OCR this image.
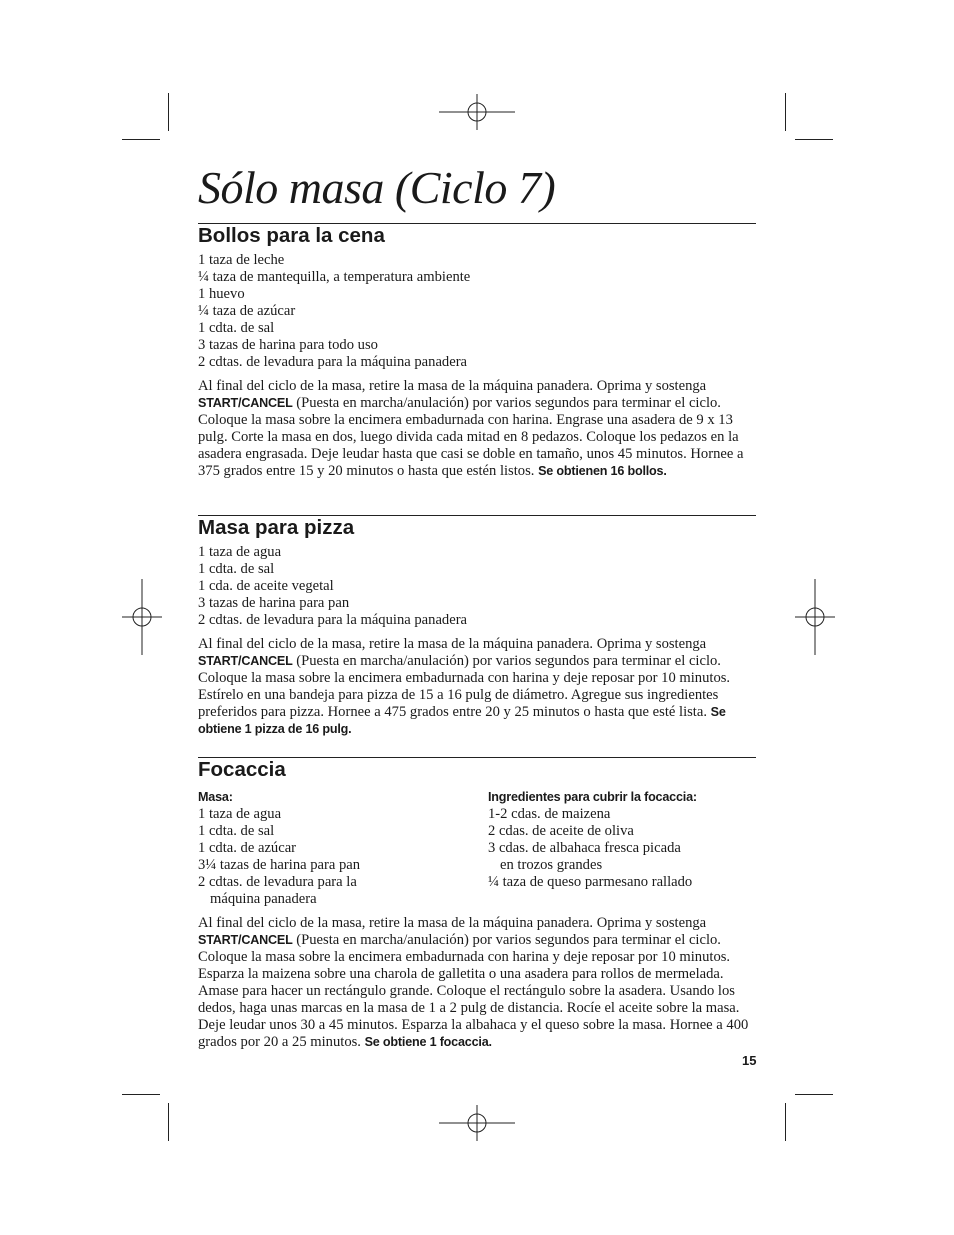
Sólo masa (Ciclo 7)
Bollos para la cena
1 taza de leche
¼ taza de mantequilla, a temperatura ambiente
1 huevo
¼ taza de azúcar
1 cdta. de sal
3 tazas de harina para todo uso
2 cdtas. de levadura para la máquina panadera

Al final del ciclo de la masa, retire la masa de la máquina panadera. Oprima y sostenga START/CANCEL (Puesta en marcha/anulación) por varios segundos para terminar el ciclo. Coloque la masa sobre la encimera embadurnada con harina. Engrase una asadera de 9 x 13 pulg. Corte la masa en dos, luego divida cada mitad en 8 pedazos. Coloque los pedazos en la asadera engrasada. Deje leudar hasta que casi se doble en tamaño, unos 45 minutos. Hornee a 375 grados entre 15 y 20 minutos o hasta que estén listos. Se obtienen 16 bollos.

Masa para pizza
1 taza de agua
1 cdta. de sal
1 cda. de aceite vegetal
3 tazas de harina para pan
2 cdtas. de levadura para la máquina panadera

Al final del ciclo de la masa, retire la masa de la máquina panadera. Oprima y sostenga START/CANCEL (Puesta en marcha/anulación) por varios segundos para terminar el ciclo. Coloque la masa sobre la encimera embadurnada con harina y deje reposar por 10 minutos. Estírelo en una bandeja para pizza de 15 a 16 pulg de diámetro. Agregue sus ingredientes preferidos para pizza. Hornee a 475 grados entre 20 y 25 minutos o hasta que esté lista. Se obtiene 1 pizza de 16 pulg.

Focaccia

Masa:

1 taza de agua
1 cdta. de sal
1 cdta. de azúcar
3¼ tazas de harina para pan
2 cdtas. de levadura para la
máquina panadera

Ingredientes para cubrir la focaccia:

1-2 cdas. de maizena
2 cdas. de aceite de oliva
3 cdas. de albahaca fresca picada
en trozos grandes
¼ taza de queso parmesano rallado

Al final del ciclo de la masa, retire la masa de la máquina panadera. Oprima y sostenga START/CANCEL (Puesta en marcha/anulación) por varios segundos para terminar el ciclo. Coloque la masa sobre la encimera embadurnada con harina y deje reposar por 10 minutos. Esparza la maizena sobre una charola de galletita o una asadera para rollos de mermelada. Amase para hacer un rectángulo grande. Coloque el rectángulo sobre la asadera. Usando los dedos, haga unas marcas en la masa de 1 a 2 pulg de distancia. Rocíe el aceite sobre la masa. Deje leudar unos 30 a 45 minutos. Esparza la albahaca y el queso sobre la masa. Hornee a 400 grados por 20 a 25 minutos. Se obtiene 1 focaccia.

15
